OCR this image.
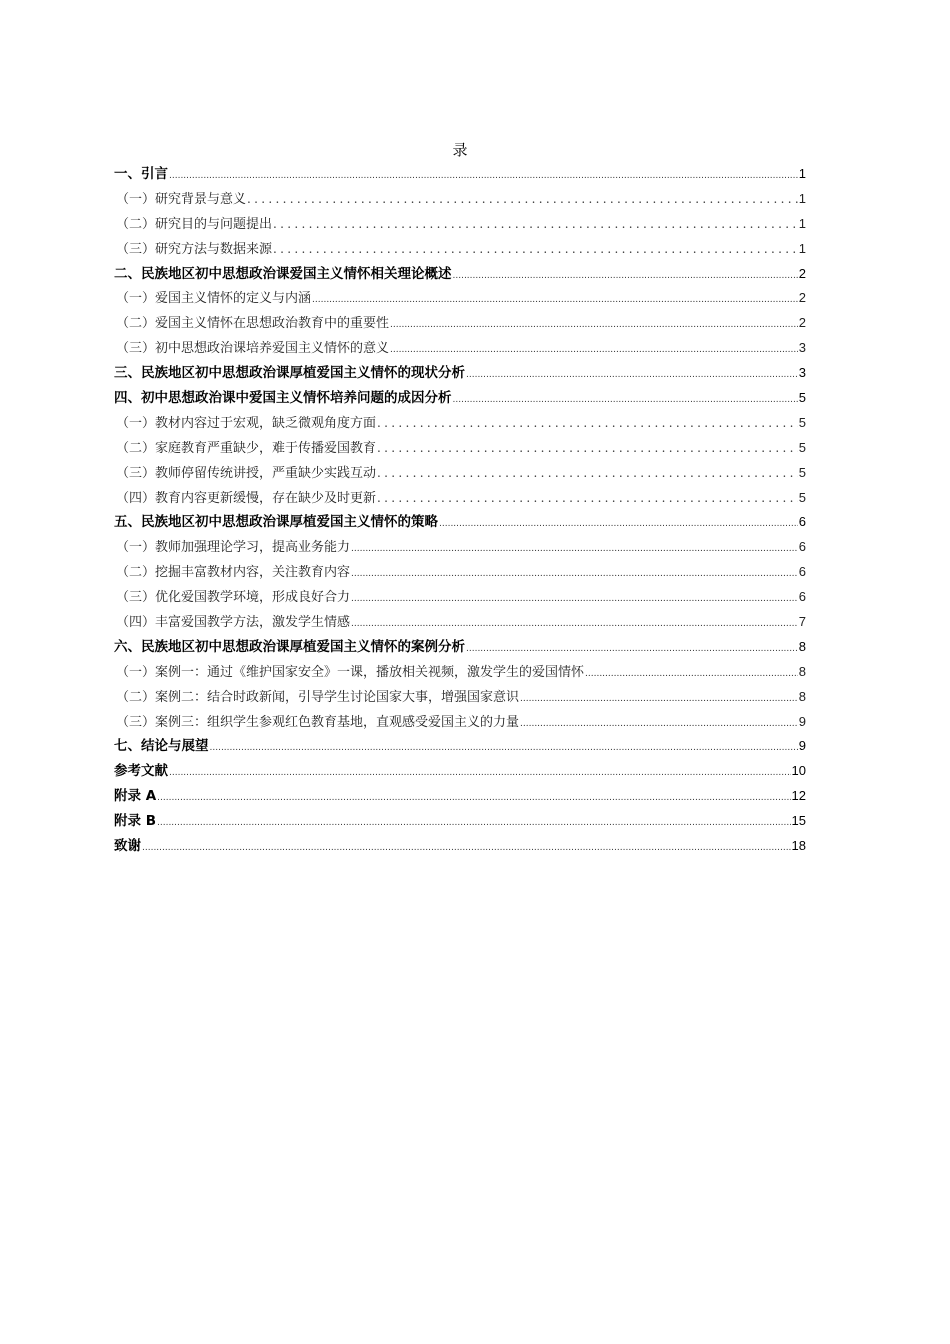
录
一、引言 .....	1
（一）研究背景与意义 .....	1
（二）研究目的与问题提出 .....	1
（三）研究方法与数据来源 .....	1
二、民族地区初中思想政治课爱国主义情怀相关理论概述 .....	2
（一）爱国主义情怀的定义与内涵 .....	2
（二）爱国主义情怀在思想政治教育中的重要性 .....	2
（三）初中思想政治课培养爱国主义情怀的意义 .....	3
三、民族地区初中思想政治课厚植爱国主义情怀的现状分析 .....	3
四、初中思想政治课中爱国主义情怀培养问题的成因分析 .....	5
（一）教材内容过于宏观，缺乏微观角度方面 .....	5
（二）家庭教育严重缺少，难于传播爱国教育 .....	5
（三）教师停留传统讲授，严重缺少实践互动 .....	5
（四）教育内容更新缓慢，存在缺少及时更新 .....	5
五、民族地区初中思想政治课厚植爱国主义情怀的策略 .....	6
（一）教师加强理论学习，提高业务能力 .....	6
（二）挖掘丰富教材内容，关注教育内容 .....	6
（三）优化爱国教学环境，形成良好合力 .....	6
（四）丰富爱国教学方法，激发学生情感 .....	7
六、民族地区初中思想政治课厚植爱国主义情怀的案例分析 .....	8
（一）案例一：通过《维护国家安全》一课，播放相关视频，激发学生的爱国情怀 .....	8
（二）案例二：结合时政新闻，引导学生讨论国家大事，增强国家意识 .....	8
（三）案例三：组织学生参观红色教育基地，直观感受爱国主义的力量 .....	9
七、结论与展望 .....	9
参考文献 .....	10
附录 A .....	12
附录 B .....	15
致谢 .....	18
